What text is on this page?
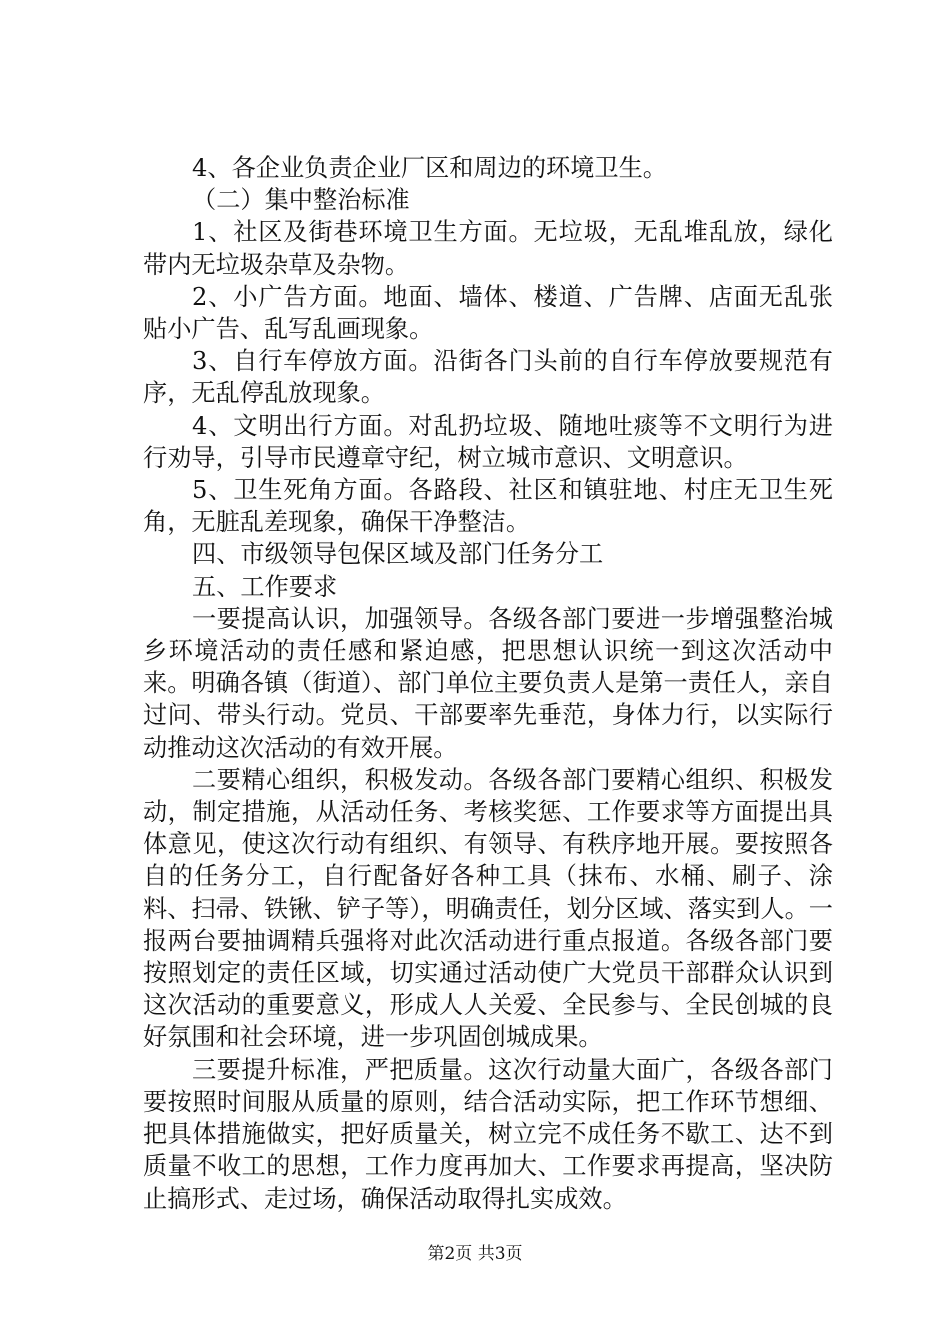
4、各企业负责企业厂区和周边的环境卫生。

（二）集中整治标准

1、社区及街巷环境卫生方面。无垃圾，无乱堆乱放，绿化带内无垃圾杂草及杂物。

2、小广告方面。地面、墙体、楼道、广告牌、店面无乱张贴小广告、乱写乱画现象。

3、自行车停放方面。沿街各门头前的自行车停放要规范有序，无乱停乱放现象。

4、文明出行方面。对乱扔垃圾、随地吐痰等不文明行为进行劝导，引导市民遵章守纪，树立城市意识、文明意识。

5、卫生死角方面。各路段、社区和镇驻地、村庄无卫生死角，无脏乱差现象，确保干净整洁。

四、市级领导包保区域及部门任务分工

五、工作要求

一要提高认识，加强领导。各级各部门要进一步增强整治城乡环境活动的责任感和紧迫感，把思想认识统一到这次活动中来。明确各镇（街道）、部门单位主要负责人是第一责任人，亲自过问、带头行动。党员、干部要率先垂范，身体力行，以实际行动推动这次活动的有效开展。

二要精心组织，积极发动。各级各部门要精心组织、积极发动，制定措施，从活动任务、考核奖惩、工作要求等方面提出具体意见，使这次行动有组织、有领导、有秩序地开展。要按照各自的任务分工，自行配备好各种工具（抹布、水桶、刷子、涂料、扫帚、铁锹、铲子等），明确责任，划分区域、落实到人。一报两台要抽调精兵强将对此次活动进行重点报道。各级各部门要按照划定的责任区域，切实通过活动使广大党员干部群众认识到这次活动的重要意义，形成人人关爱、全民参与、全民创城的良好氛围和社会环境，进一步巩固创城成果。

三要提升标准，严把质量。这次行动量大面广，各级各部门要按照时间服从质量的原则，结合活动实际，把工作环节想细、把具体措施做实，把好质量关，树立完不成任务不歇工、达不到质量不收工的思想，工作力度再加大、工作要求再提高，坚决防止搞形式、走过场，确保活动取得扎实成效。

第2页 共3页
